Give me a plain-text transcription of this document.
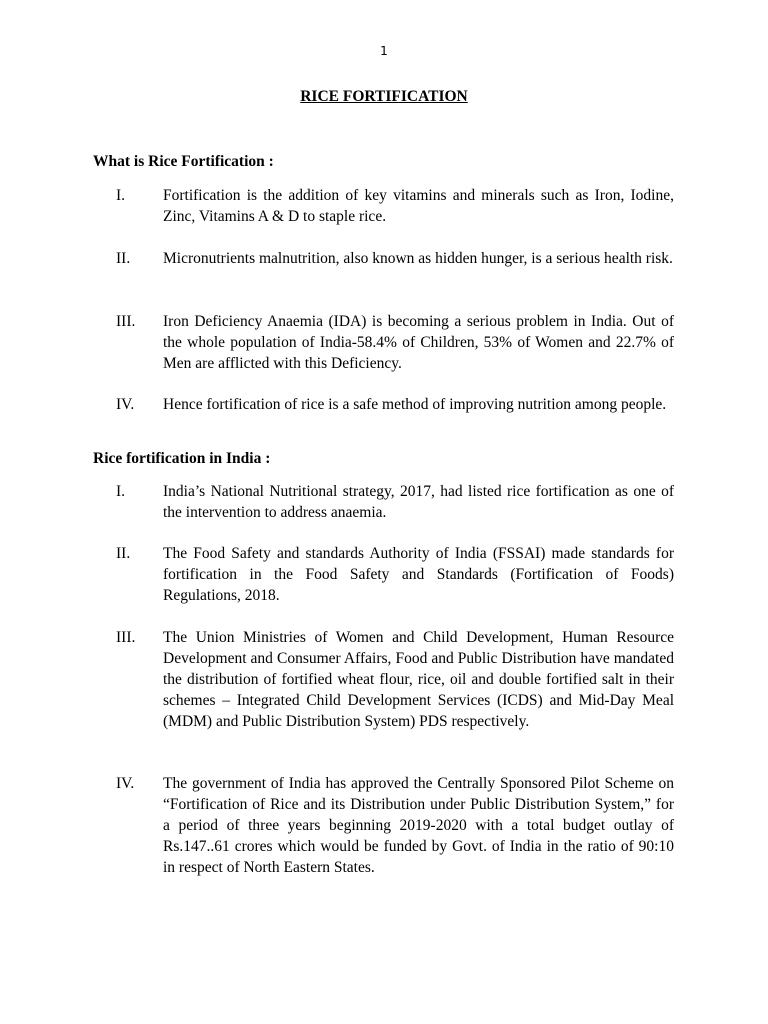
1
RICE FORTIFICATION
What is Rice Fortification :
I. Fortification is the addition of key vitamins and minerals such as Iron, Iodine, Zinc, Vitamins A & D to staple rice.
II. Micronutrients malnutrition, also known as hidden hunger, is a serious health risk.
III. Iron Deficiency Anaemia (IDA) is becoming a serious problem in India. Out of the whole population of India-58.4% of Children, 53% of Women and 22.7% of Men are afflicted with this Deficiency.
IV. Hence fortification of rice is a safe method of improving nutrition among people.
Rice fortification in India :
I. India’s National Nutritional strategy, 2017, had listed rice fortification as one of the intervention to address anaemia.
II. The Food Safety and standards Authority of India (FSSAI) made standards for fortification in the Food Safety and Standards (Fortification of Foods) Regulations, 2018.
III. The Union Ministries of Women and Child Development, Human Resource Development and Consumer Affairs, Food and Public Distribution have mandated the distribution of fortified wheat flour, rice, oil and double fortified salt in their schemes – Integrated Child Development Services (ICDS) and Mid-Day Meal (MDM) and Public Distribution System) PDS respectively.
IV. The government of India has approved the Centrally Sponsored Pilot Scheme on “Fortification of Rice and its Distribution under Public Distribution System,” for a period of three years beginning 2019-2020 with a total budget outlay of Rs.147..61 crores which would be funded by Govt. of India in the ratio of 90:10 in respect of North Eastern States.
